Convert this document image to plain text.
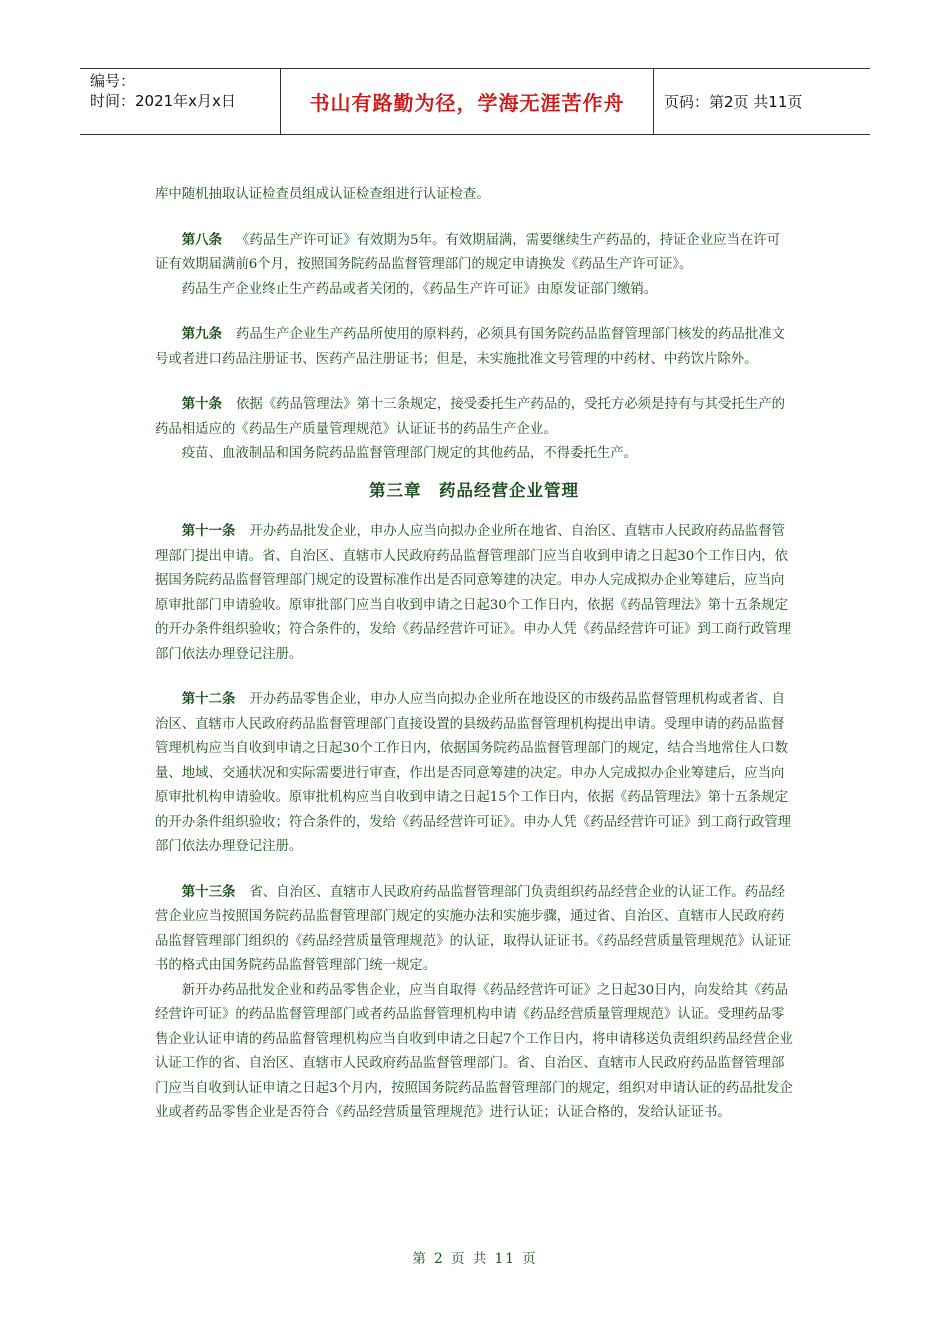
编号：
时间：2021年x月x日	书山有路勤为径，学海无涯苦作舟	页码：第2页 共11页

库中随机抽取认证检查员组成认证检查组进行认证检查。

第八条 《药品生产许可证》有效期为5年。有效期届满，需要继续生产药品的，持证企业应当在许可证有效期届满前6个月，按照国务院药品监督管理部门的规定申请换发《药品生产许可证》。

药品生产企业终止生产药品或者关闭的，《药品生产许可证》由原发证部门缴销。

第九条 药品生产企业生产药品所使用的原料药，必须具有国务院药品监督管理部门核发的药品批准文号或者进口药品注册证书、医药产品注册证书；但是，未实施批准文号管理的中药材、中药饮片除外。

第十条 依据《药品管理法》第十三条规定，接受委托生产药品的，受托方必须是持有与其受托生产的药品相适应的《药品生产质量管理规范》认证证书的药品生产企业。

疫苗、血液制品和国务院药品监督管理部门规定的其他药品，不得委托生产。

第三章　药品经营企业管理

第十一条 开办药品批发企业，申办人应当向拟办企业所在地省、自治区、直辖市人民政府药品监督管理部门提出申请。省、自治区、直辖市人民政府药品监督管理部门应当自收到申请之日起30个工作日内，依据国务院药品监督管理部门规定的设置标准作出是否同意筹建的决定。申办人完成拟办企业筹建后，应当向原审批部门申请验收。原审批部门应当自收到申请之日起30个工作日内，依据《药品管理法》第十五条规定的开办条件组织验收；符合条件的，发给《药品经营许可证》。申办人凭《药品经营许可证》到工商行政管理部门依法办理登记注册。

第十二条 开办药品零售企业，申办人应当向拟办企业所在地设区的市级药品监督管理机构或者省、自治区、直辖市人民政府药品监督管理部门直接设置的县级药品监督管理机构提出申请。受理申请的药品监督管理机构应当自收到申请之日起30个工作日内，依据国务院药品监督管理部门的规定，结合当地常住人口数量、地域、交通状况和实际需要进行审查，作出是否同意筹建的决定。申办人完成拟办企业筹建后，应当向原审批机构申请验收。原审批机构应当自收到申请之日起15个工作日内，依据《药品管理法》第十五条规定的开办条件组织验收；符合条件的，发给《药品经营许可证》。申办人凭《药品经营许可证》到工商行政管理部门依法办理登记注册。

第十三条 省、自治区、直辖市人民政府药品监督管理部门负责组织药品经营企业的认证工作。药品经营企业应当按照国务院药品监督管理部门规定的实施办法和实施步骤，通过省、自治区、直辖市人民政府药品监督管理部门组织的《药品经营质量管理规范》的认证，取得认证证书。《药品经营质量管理规范》认证证书的格式由国务院药品监督管理部门统一规定。

新开办药品批发企业和药品零售企业，应当自取得《药品经营许可证》之日起30日内，向发给其《药品经营许可证》的药品监督管理部门或者药品监督管理机构申请《药品经营质量管理规范》认证。受理药品零售企业认证申请的药品监督管理机构应当自收到申请之日起7个工作日内，将申请移送负责组织药品经营企业认证工作的省、自治区、直辖市人民政府药品监督管理部门。省、自治区、直辖市人民政府药品监督管理部门应当自收到认证申请之日起3个月内，按照国务院药品监督管理部门的规定，组织对申请认证的药品批发企业或者药品零售企业是否符合《药品经营质量管理规范》进行认证；认证合格的，发给认证证书。

第 2 页 共 11 页
